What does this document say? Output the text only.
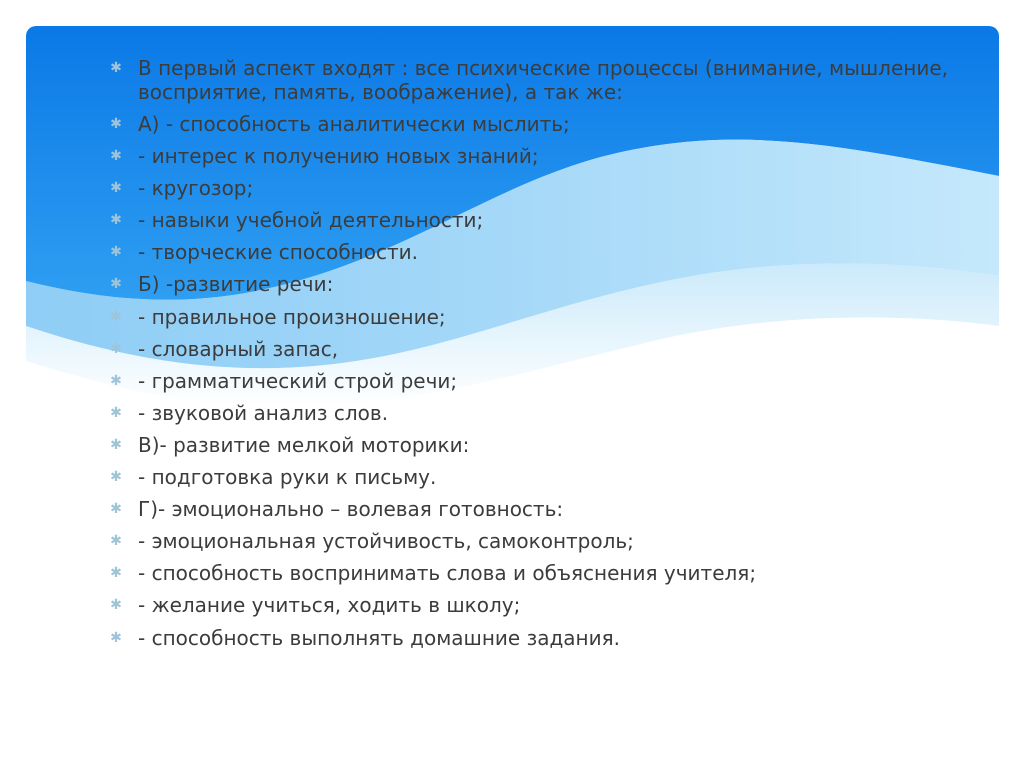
✱ В первый аспект входят : все психические процессы (внимание, мышление, восприятие, память, воображение), а так же:
✱ А) - способность аналитически мыслить;
✱ - интерес к получению новых знаний;
✱ - кругозор;
✱ - навыки учебной деятельности;
✱ - творческие способности.
✱ Б) -развитие речи:
✱ - правильное произношение;
✱ - словарный запас,
✱ - грамматический строй речи;
✱ - звуковой анализ слов.
✱ В)- развитие мелкой моторики:
✱ - подготовка руки к письму.
✱ Г)- эмоционально – волевая готовность:
✱ - эмоциональная устойчивость, самоконтроль;
✱ - способность воспринимать слова и объяснения учителя;
✱ - желание учиться, ходить в школу;
✱ - способность выполнять домашние задания.
